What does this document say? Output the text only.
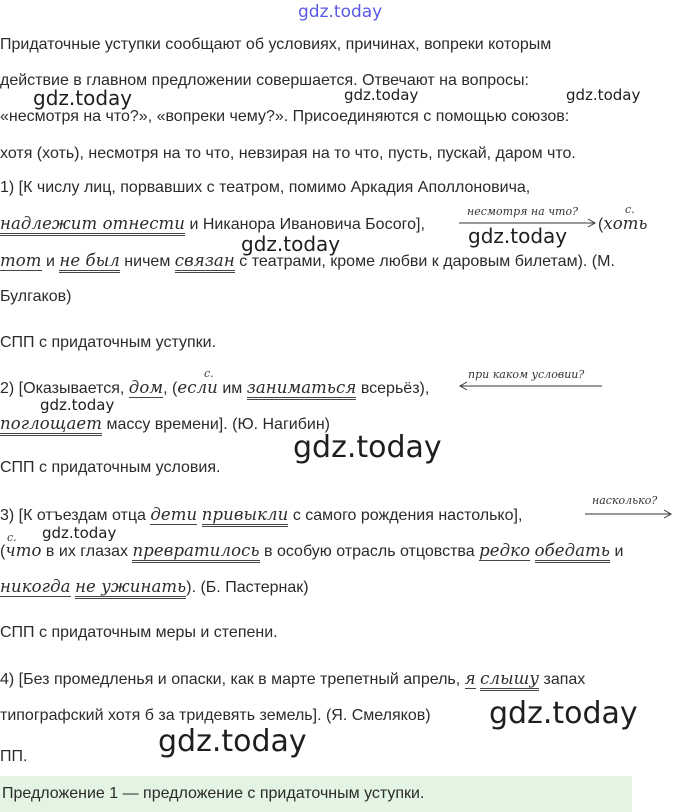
gdz.today
Придаточные уступки сообщают об условиях, причинах, вопреки которым
действие в главном предложении совершается. Отвечают на вопросы:
«несмотря на что?», «вопреки чему?». Присоединяются с помощью союзов:
хотя (хоть), несмотря на то что, невзирая на то что, пусть, пускай, даром что.
1) [К числу лиц, порвавших с театром, помимо Аркадия Аполлоновича,
надлежит отнести и Никанора Ивановича Босого],
несмотря на что?	с.
(хоть
тот и не был ничем связан с театрами, кроме любви к даровым билетам). (М.
Булгаков)
СПП с придаточным уступки.
2) [Оказывается, дом, (если им заниматься всерьёз),
с.	при каком условии?
поглощает массу времени]. (Ю. Нагибин)
СПП с придаточным условия.
3) [К отъездам отца дети привыкли с самого рождения настолько],
насколько?
с.
(что в их глазах превратилось в особую отрасль отцовства редко обедать и
никогда не ужинать). (Б. Пастернак)
СПП с придаточным меры и степени.
4) [Без промедленья и опаски, как в марте трепетный апрель, я слышу запах
типографский хотя б за тридевять земель]. (Я. Смеляков)
ПП.
Предложение 1 — предложение с придаточным уступки.
gdz.today	gdz.today	gdz.today
gdz.today	gdz.today
gdz.today
gdz.today
gdz.today
gdz.today
gdz.today
